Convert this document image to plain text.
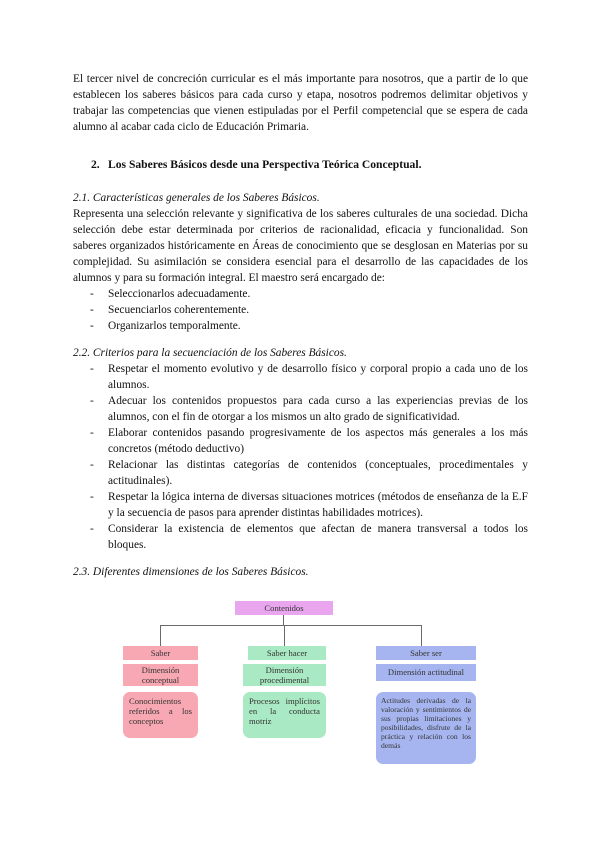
El tercer nivel de concreción curricular es el más importante para nosotros, que a partir de lo que establecen los saberes básicos para cada curso y etapa, nosotros podremos delimitar objetivos y trabajar las competencias que vienen estipuladas por el Perfil competencial que se espera de cada alumno al acabar cada ciclo de Educación Primaria.

2. Los Saberes Básicos desde una Perspectiva Teórica Conceptual.
2.1. Características generales de los Saberes Básicos.

Representa una selección relevante y significativa de los saberes culturales de una sociedad. Dicha selección debe estar determinada por criterios de racionalidad, eficacia y funcionalidad. Son saberes organizados históricamente en Áreas de conocimiento que se desglosan en Materias por su complejidad. Su asimilación se considera esencial para el desarrollo de las capacidades de los alumnos y para su formación integral. El maestro será encargado de:

- Seleccionarlos adecuadamente.
- Secuenciarlos coherentemente.
- Organizarlos temporalmente.
2.2. Criterios para la secuenciación de los Saberes Básicos.
- Respetar el momento evolutivo y de desarrollo físico y corporal propio a cada uno de los alumnos.
- Adecuar los contenidos propuestos para cada curso a las experiencias previas de los alumnos, con el fin de otorgar a los mismos un alto grado de significatividad.
- Elaborar contenidos pasando progresivamente de los aspectos más generales a los más concretos (método deductivo)
- Relacionar las distintas categorías de contenidos (conceptuales, procedimentales y actitudinales).
- Respetar la lógica interna de diversas situaciones motrices (métodos de enseñanza de la E.F y la secuencia de pasos para aprender distintas habilidades motrices).
- Considerar la existencia de elementos que afectan de manera transversal a todos los bloques.
2.3. Diferentes dimensiones de los Saberes Básicos.
Contenidos
Saber
Dimensión conceptual
Conocimientos referidos a los conceptos
Saber hacer
Dimensión procedimental
Procesos implícitos en la conducta motriz
Saber ser
Dimensión actitudinal
Actitudes derivadas de la valoración y sentimientos de sus propias limitaciones y posibilidades, disfrute de la práctica y relación con los demás
